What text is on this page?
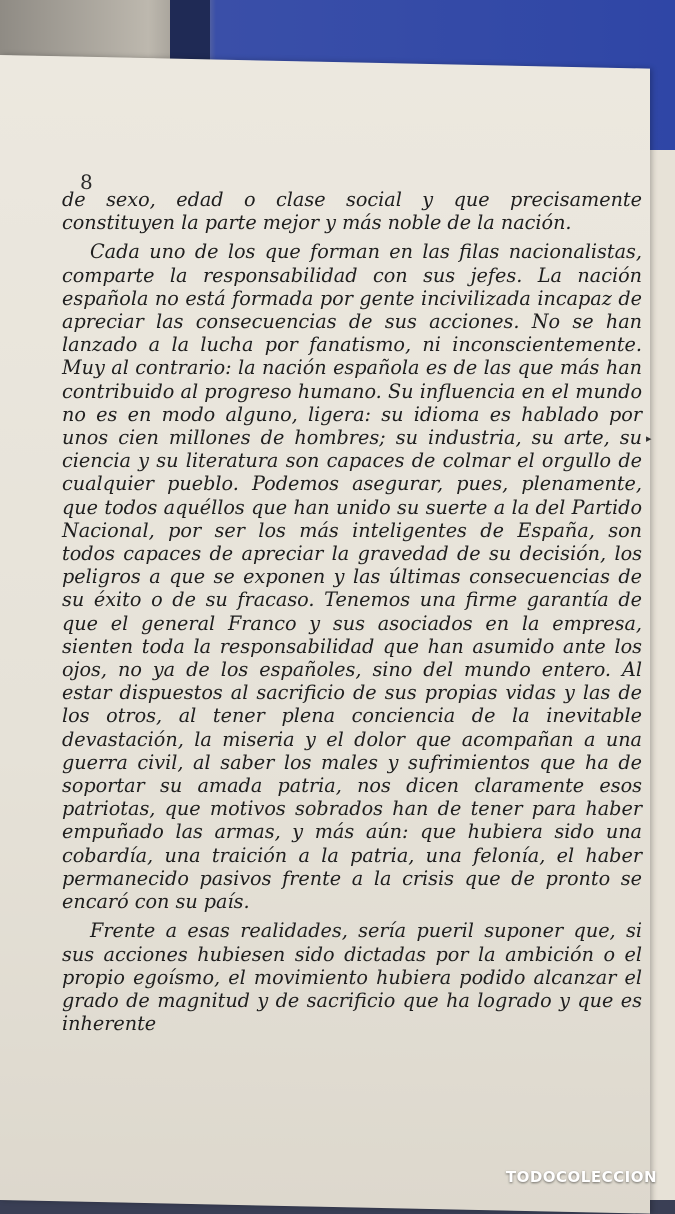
8

de sexo, edad o clase social y que precisamente constituyen la parte mejor y más noble de la nación.

Cada uno de los que forman en las filas nacionalistas, comparte la responsabilidad con sus jefes. La nación española no está formada por gente incivilizada incapaz de apreciar las consecuencias de sus acciones. No se han lanzado a la lucha por fanatismo, ni inconscientemente. Muy al contrario: la nación española es de las que más han contribuido al progreso humano. Su influencia en el mundo no es en modo alguno, ligera: su idioma es hablado por unos cien millones de hombres; su industria, su arte, su ciencia y su literatura son capaces de colmar el orgullo de cualquier pueblo. Podemos asegurar, pues, plenamente, que todos aquéllos que han unido su suerte a la del Partido Nacional, por ser los más inteligentes de España, son todos capaces de apreciar la gravedad de su decisión, los peligros a que se exponen y las últimas consecuencias de su éxito o de su fracaso. Tenemos una firme garantía de que el general Franco y sus asociados en la empresa, sienten toda la responsabilidad que han asumido ante los ojos, no ya de los españoles, sino del mundo entero. Al estar dispuestos al sacrificio de sus propias vidas y las de los otros, al tener plena conciencia de la inevitable devastación, la miseria y el dolor que acompañan a una guerra civil, al saber los males y sufrimientos que ha de soportar su amada patria, nos dicen claramente esos patriotas, que motivos sobrados han de tener para haber empuñado las armas, y más aún: que hubiera sido una cobardía, una traición a la patria, una felonía, el haber permanecido pasivos frente a la crisis que de pronto se encaró con su país.

Frente a esas realidades, sería pueril suponer que, si sus acciones hubiesen sido dictadas por la ambición o el propio egoísmo, el movimiento hubiera podido alcanzar el grado de magnitud y de sacrificio que ha logrado y que es inherente

▸
TODOCOLECCION
